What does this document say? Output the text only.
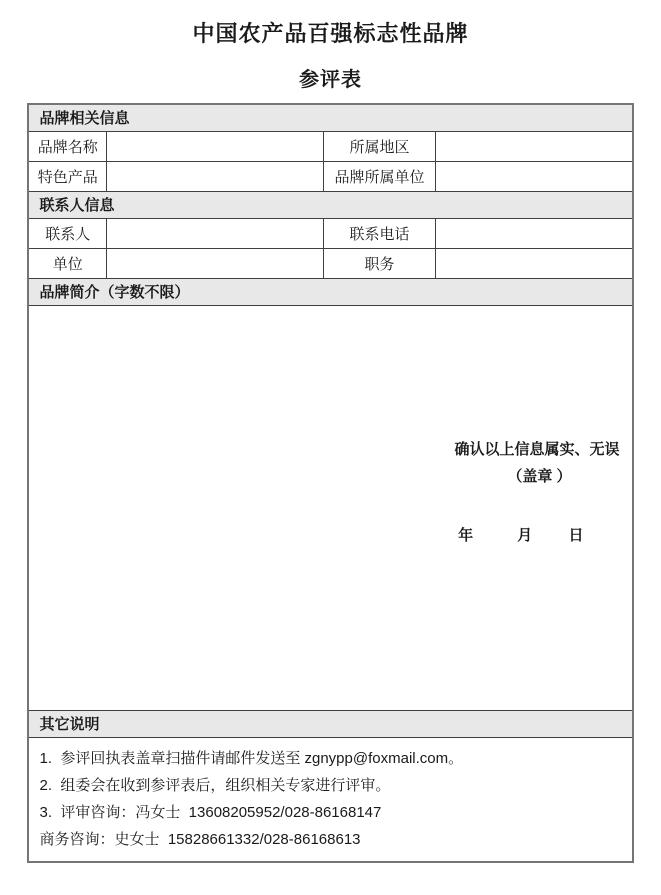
中国农产品百强标志性品牌
参评表
品牌相关信息			
品牌名称		所属地区	
特色产品		品牌所属单位	
联系人信息			
联系人		联系电话	
单位		职务	
品牌简介（字数不限）			

确认以上信息属实、无误
（盖章 ）
年 月 日			

其它说明			

1.  参评回执表盖章扫描件请邮件发送至 zgnypp@foxmail.com。
2.  组委会在收到参评表后，组织相关专家进行评审。
3.  评审咨询：冯女士  13608205952/028-86168147
商务咨询：史女士  15828661332/028-86168613			
